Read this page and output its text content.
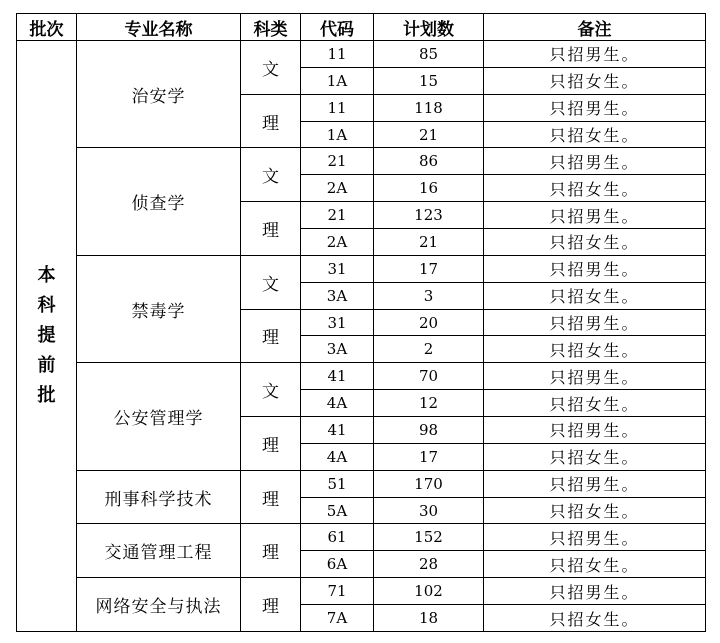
批次	专业名称	科类	代码	计划数	备注
本科提前批	治安学	文	11	85	只招男生。
			1A	15	只招女生。
		理	11	118	只招男生。
			1A	21	只招女生。
	侦查学	文	21	86	只招男生。
			2A	16	只招女生。
		理	21	123	只招男生。
			2A	21	只招女生。
	禁毒学	文	31	17	只招男生。
			3A	3	只招女生。
		理	31	20	只招男生。
			3A	2	只招女生。
	公安管理学	文	41	70	只招男生。
			4A	12	只招女生。
		理	41	98	只招男生。
			4A	17	只招女生。
	刑事科学技术	理	51	170	只招男生。
			5A	30	只招女生。
	交通管理工程	理	61	152	只招男生。
			6A	28	只招女生。
	网络安全与执法	理	71	102	只招男生。
			7A	18	只招女生。
